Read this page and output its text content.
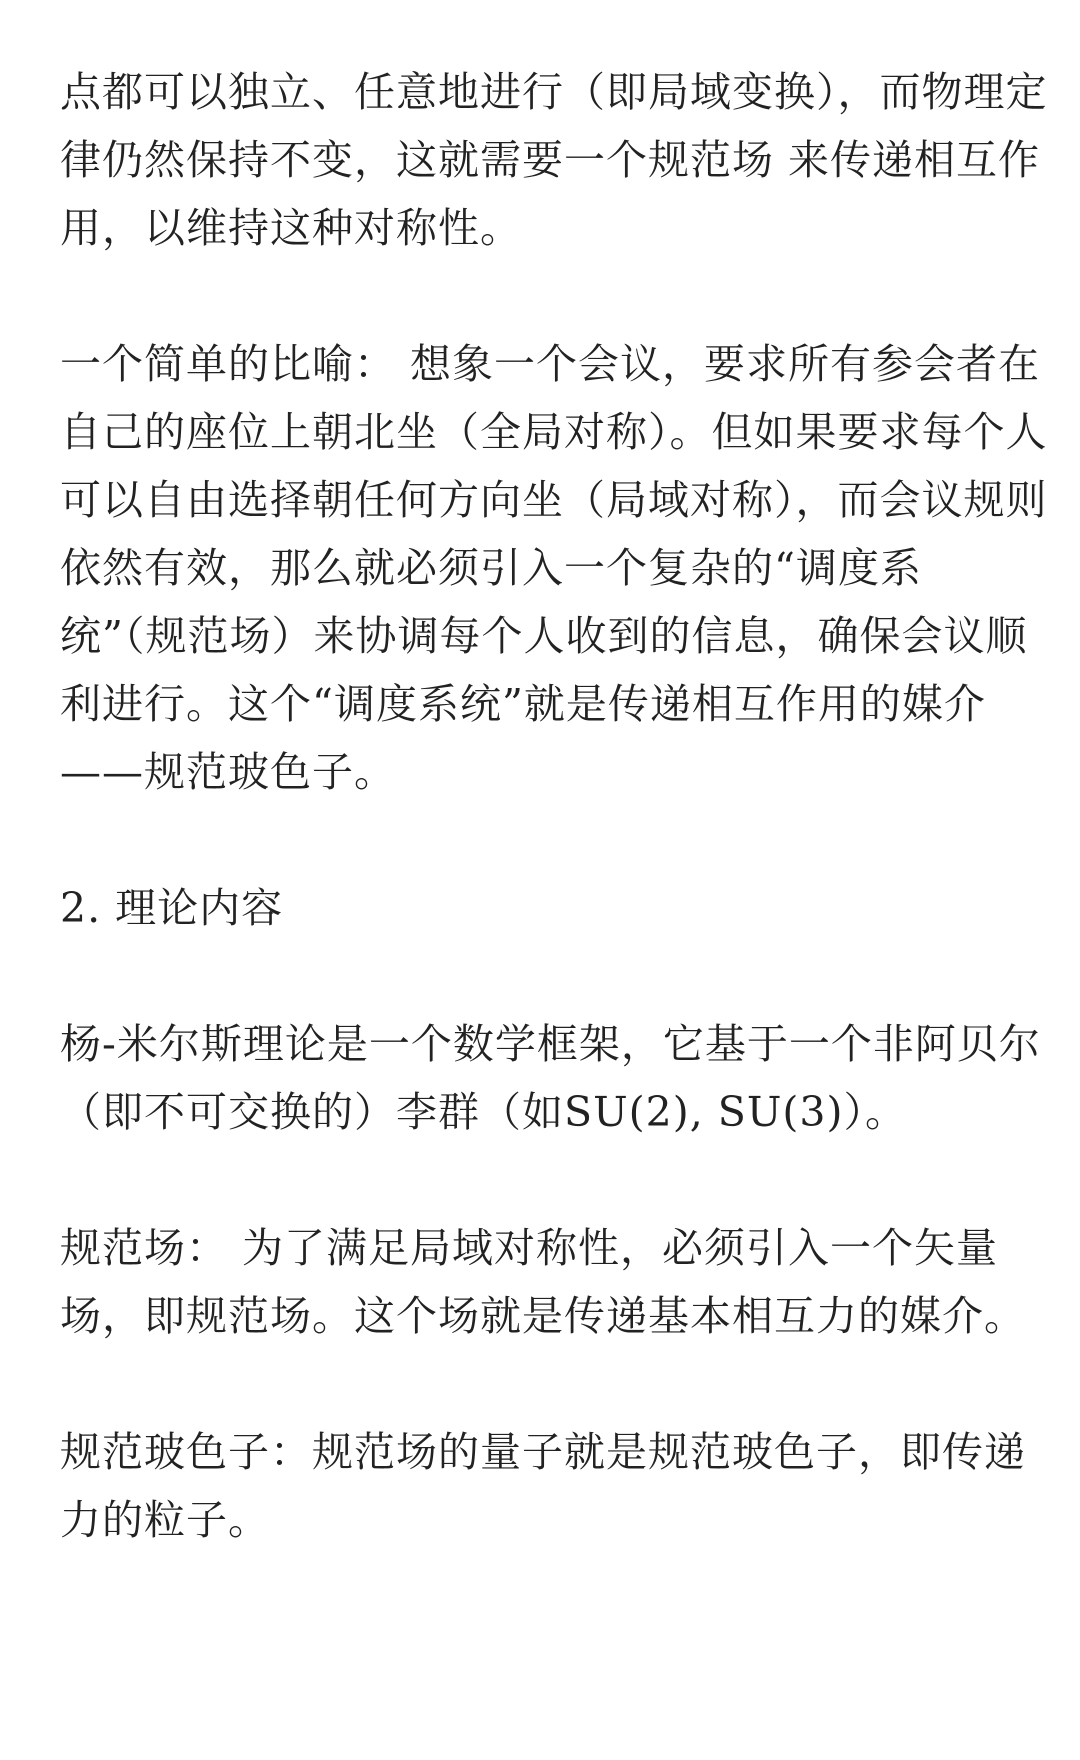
点都可以独立、任意地进行（即局域变换），而物理定
律仍然保持不变，这就需要一个规范场 来传递相互作
用，以维持这种对称性。

一个简单的比喻： 想象一个会议，要求所有参会者在
自己的座位上朝北坐（全局对称）。但如果要求每个人
可以自由选择朝任何方向坐（局域对称），而会议规则
依然有效，那么就必须引入一个复杂的“调度系
统”（规范场）来协调每个人收到的信息，确保会议顺
利进行。这个“调度系统”就是传递相互作用的媒介
——规范玻色子。

2. 理论内容

杨-米尔斯理论是一个数学框架，它基于一个非阿贝尔
（即不可交换的）李群（如SU(2), SU(3)）。

规范场： 为了满足局域对称性，必须引入一个矢量
场，即规范场。这个场就是传递基本相互力的媒介。

规范玻色子：规范场的量子就是规范玻色子，即传递
力的粒子。
